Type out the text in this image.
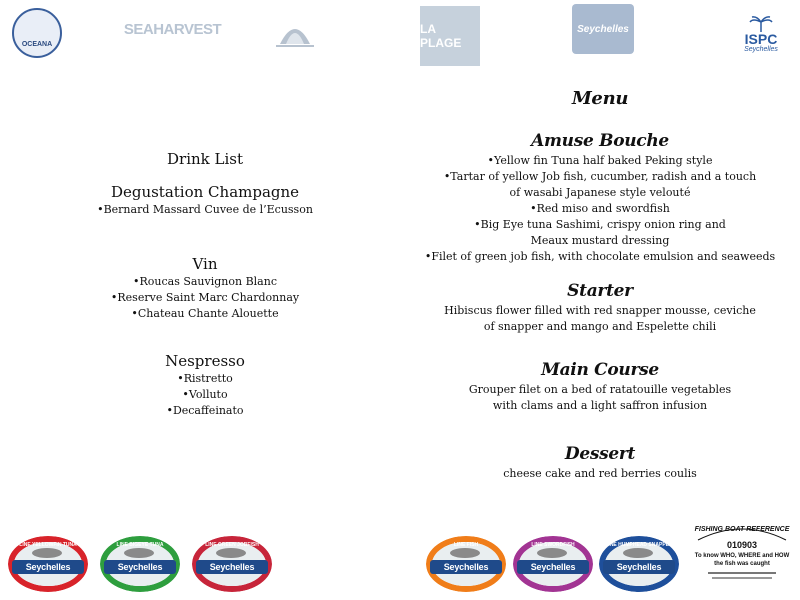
OCEANA
SEAHARVEST	LA PLAGE
Seychelles
ISPC
Seychelles
Drink List
Degustation Champagne
•Bernard Massard Cuvee de l’Ecusson
Vin
•Roucas Sauvignon Blanc
•Reserve Saint Marc Chardonnay
•Chateau Chante Alouette
Nespresso
•Ristretto
•Volluto
•Decaffeinato
Menu
Amuse Bouche
•Yellow fin Tuna half baked Peking style
•Tartar of yellow Job fish, cucumber, radish and a touch
of wasabi Japanese style velouté
•Red miso and swordfish
•Big Eye tuna Sashimi, crispy onion ring and
Meaux mustard dressing
•Filet of green job fish, with chocolate emulsion and seaweeds
Starter
Hibiscus flower filled with red snapper mousse, ceviche
of snapper and mango and Espelette chili
Main Course
Grouper filet on a bed of ratatouille vegetables
with clams and a light saffron infusion
Dessert
cheese cake and red berries coulis
LINE YELLOWFIN TUNA
Seychelles
LINE BIGEYE TUNA
Seychelles
LINE GREEN JOBFISH
Seychelles
LINE FISH
Seychelles
LINE SWORDFISH
Seychelles
LINE HUMPHEAD SNAPPER
Seychelles
FISHING BOAT REFERENCE
010903
To know WHO, WHERE and HOW
the fish was caught
